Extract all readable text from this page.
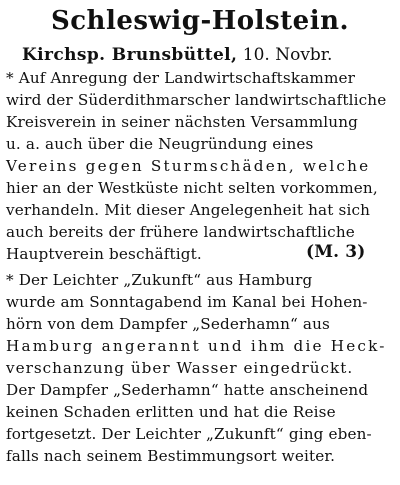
Schleswig-Holstein.
Kirchsp. Brunsbüttel, 10. Novbr.
* Auf Anregung der Landwirtschaftskammer
wird der Süderdithmarscher landwirtschaftliche
Kreisverein in seiner nächsten Versammlung
u. a. auch über die Neugründung eines
Vereins gegen Sturmschäden, welche
hier an der Westküste nicht selten vorkommen,
verhandeln. Mit dieser Angelegenheit hat sich
auch bereits der frühere landwirtschaftliche
Hauptverein beschäftigt.	(M. 3)
* Der Leichter „Zukunft“ aus Hamburg
wurde am Sonntagabend im Kanal bei Hohen-
hörn von dem Dampfer „Sederhamn“ aus
Hamburg angerannt und ihm die Heck-
verschanzung über Wasser eingedrückt.
Der Dampfer „Sederhamn“ hatte anscheinend
keinen Schaden erlitten und hat die Reise
fortgesetzt. Der Leichter „Zukunft“ ging eben-
falls nach seinem Bestimmungsort weiter.
